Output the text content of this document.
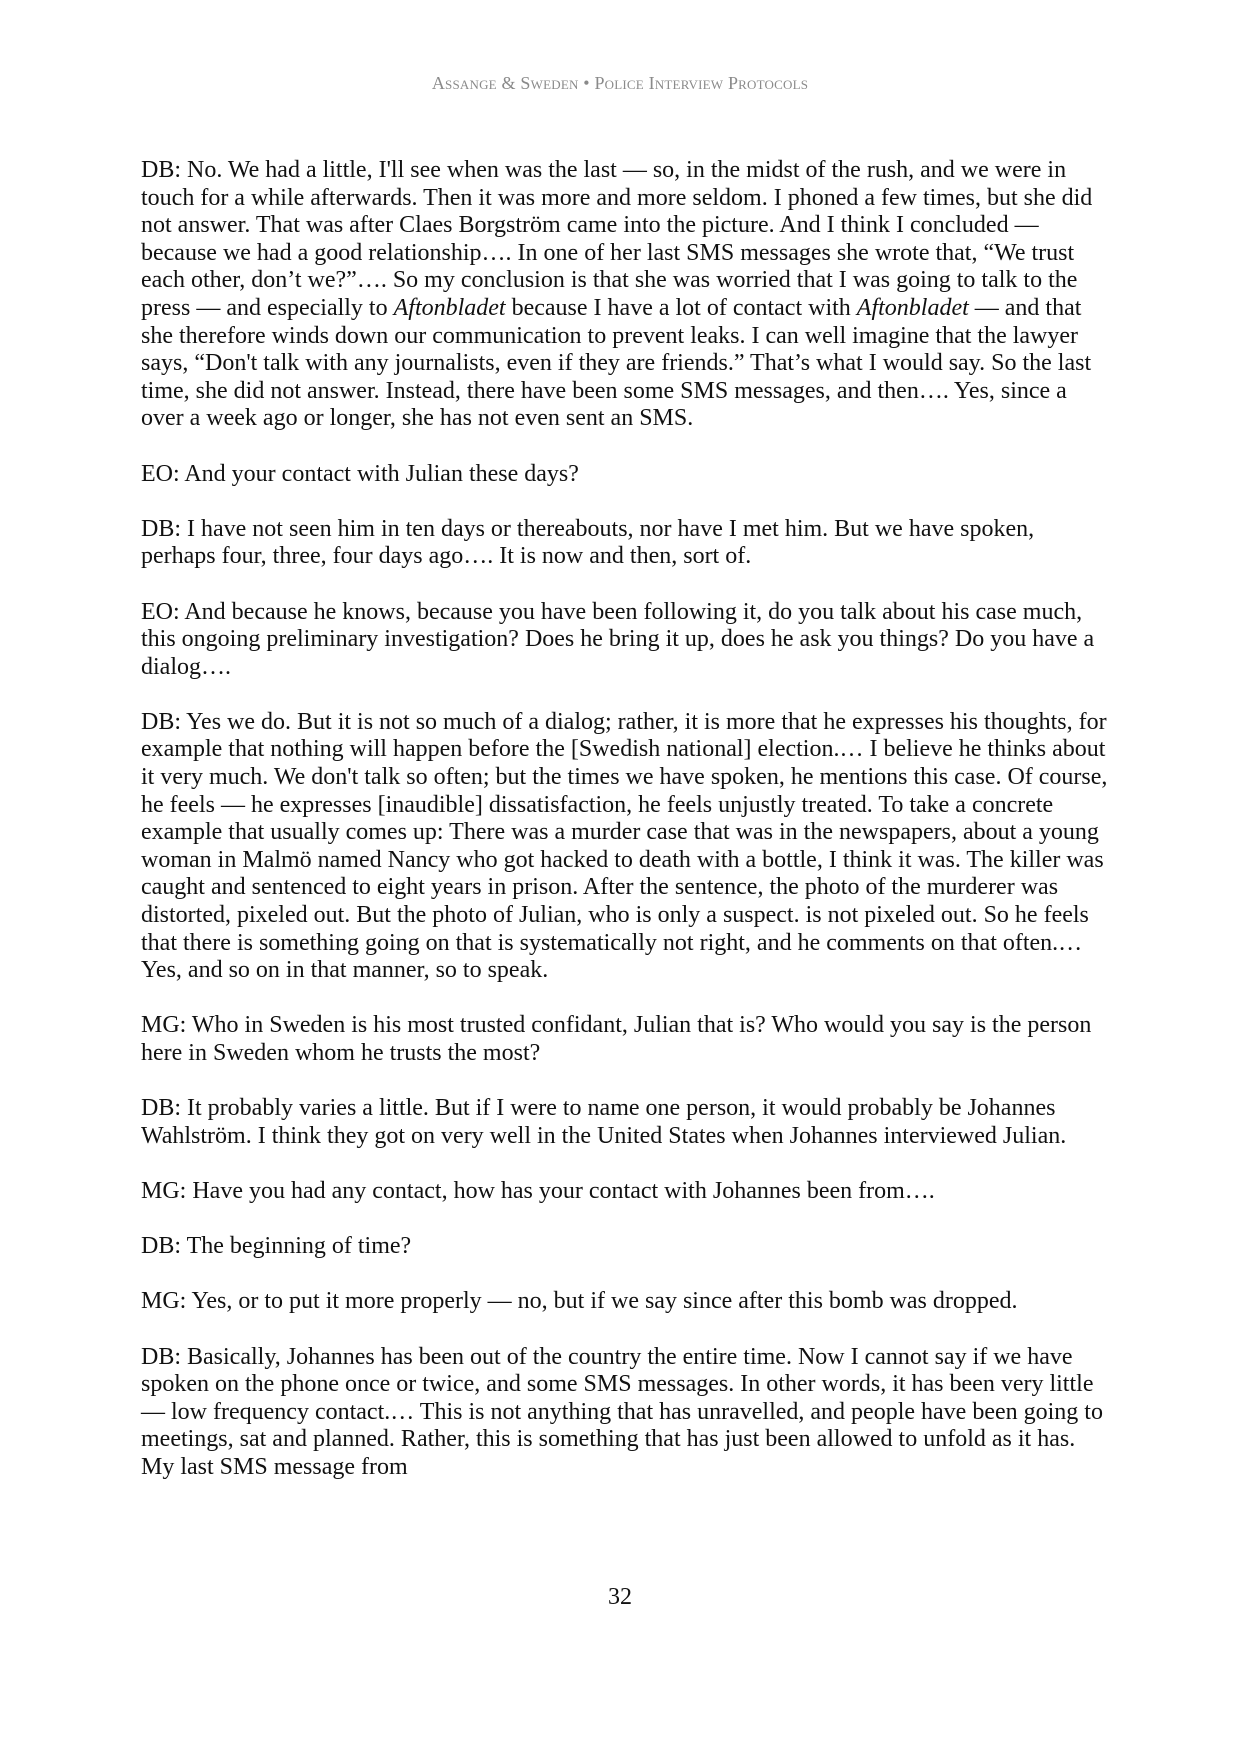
Assange & Sweden • Police Interview Protocols

DB: No. We had a little, I'll see when was the last — so, in the midst of the rush, and we were in touch for a while afterwards. Then it was more and more seldom. I phoned a few times, but she did not answer. That was after Claes Borgström came into the picture. And I think I concluded — because we had a good relationship…. In one of her last SMS messages she wrote that, “We trust each other, don’t we?”…. So my conclusion is that she was worried that I was going to talk to the press — and especially to Aftonbladet because I have a lot of contact with Aftonbladet — and that she therefore winds down our communication to prevent leaks. I can well imagine that the lawyer says, “Don't talk with any journalists, even if they are friends.” That’s what I would say. So the last time, she did not answer. Instead, there have been some SMS messages, and then…. Yes, since a over a week ago or longer, she has not even sent an SMS.

EO: And your contact with Julian these days?

DB: I have not seen him in ten days or thereabouts, nor have I met him. But we have spoken, perhaps four, three, four days ago…. It is now and then, sort of.

EO: And because he knows, because you have been following it, do you talk about his case much, this ongoing preliminary investigation? Does he bring it up, does he ask you things? Do you have a dialog….

DB: Yes we do. But it is not so much of a dialog; rather, it is more that he expresses his thoughts, for example that nothing will happen before the [Swedish national] election.… I believe he thinks about it very much. We don't talk so often; but the times we have spoken, he mentions this case. Of course, he feels — he expresses [inaudible] dissatisfaction, he feels unjustly treated. To take a concrete example that usually comes up: There was a murder case that was in the newspapers, about a young woman in Malmö named Nancy who got hacked to death with a bottle, I think it was. The killer was caught and sentenced to eight years in prison. After the sentence, the photo of the murderer was distorted, pixeled out. But the photo of Julian, who is only a suspect. is not pixeled out. So he feels that there is something going on that is systematically not right, and he comments on that often.… Yes, and so on in that manner, so to speak.

MG: Who in Sweden is his most trusted confidant, Julian that is? Who would you say is the person here in Sweden whom he trusts the most?

DB: It probably varies a little. But if I were to name one person, it would probably be Johannes Wahlström. I think they got on very well in the United States when Johannes interviewed Julian.

MG: Have you had any contact, how has your contact with Johannes been from….

DB: The beginning of time?

MG: Yes, or to put it more properly — no, but if we say since after this bomb was dropped.

DB: Basically, Johannes has been out of the country the entire time. Now I cannot say if we have spoken on the phone once or twice, and some SMS messages. In other words, it has been very little — low frequency contact.… This is not anything that has unravelled, and people have been going to meetings, sat and planned. Rather, this is something that has just been allowed to unfold as it has. My last SMS message from

32
